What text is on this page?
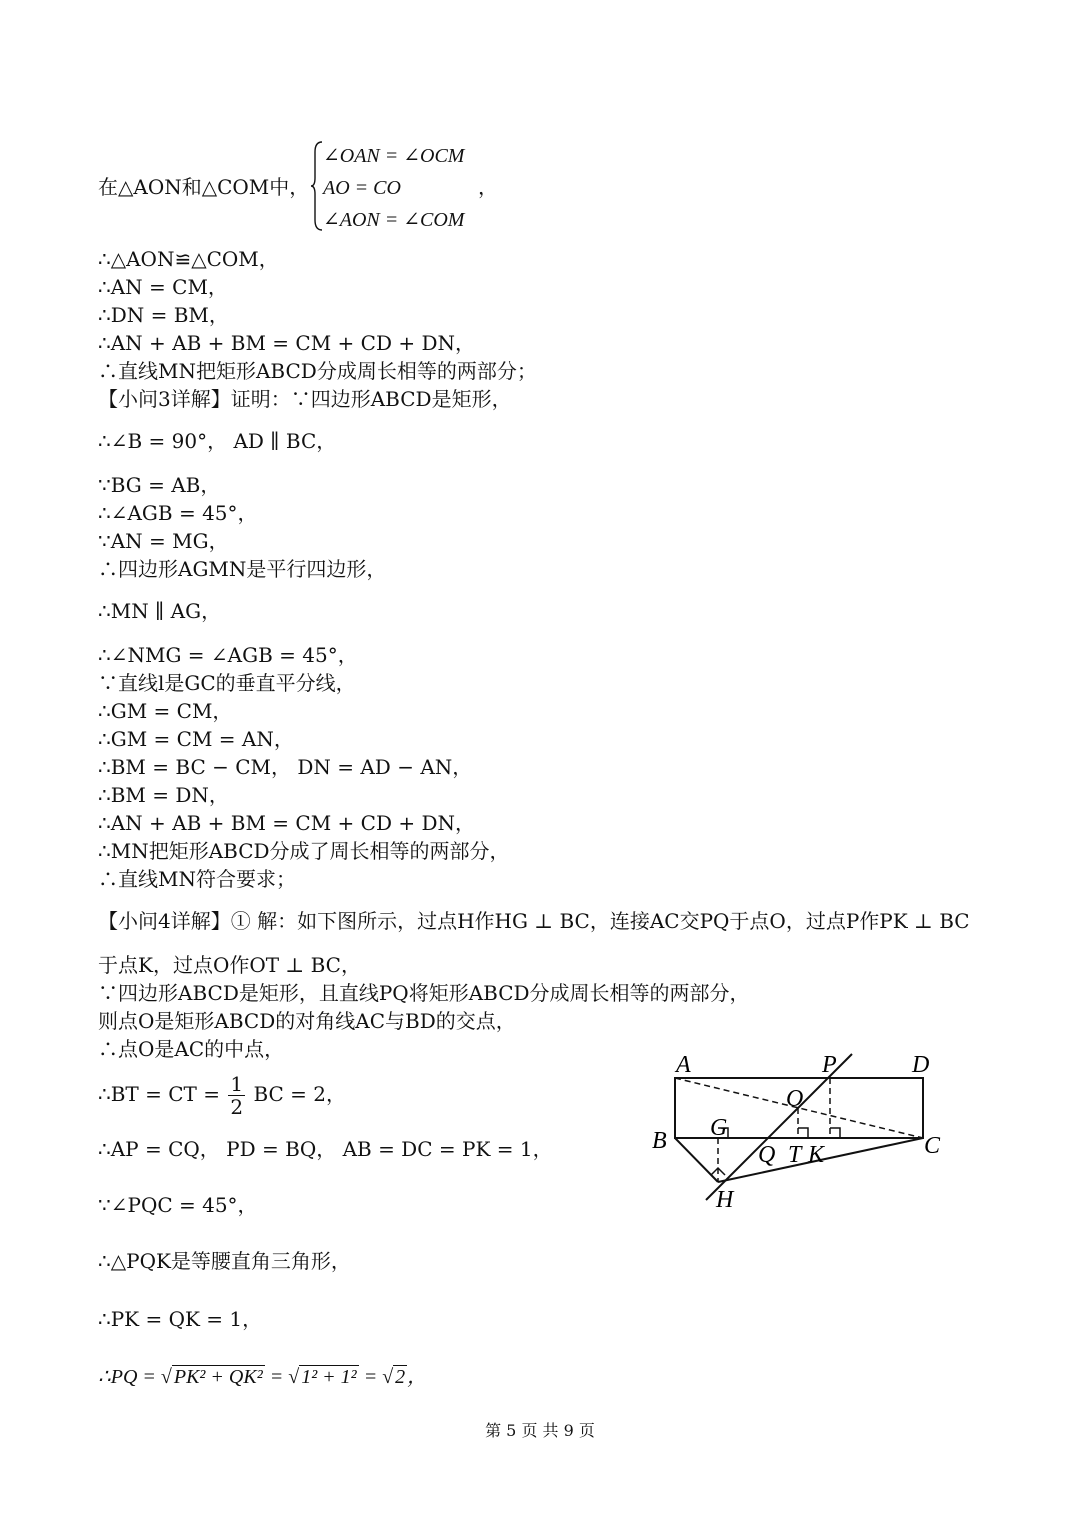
在△AON和△COM中，
∠OAN = ∠OCM
AO = CO
∠AON = ∠COM
，
∴△AON≌△COM，
∴AN = CM，
∴DN = BM，
∴AN + AB + BM = CM + CD + DN，
∴直线MN把矩形ABCD分成周长相等的两部分；
【小问3详解】证明：∵四边形ABCD是矩形，
∴∠B = 90°， AD ∥ BC，
∵BG = AB，
∴∠AGB = 45°，
∵AN = MG，
∴四边形AGMN是平行四边形，
∴MN ∥ AG，
∴∠NMG = ∠AGB = 45°，
∵直线l是GC的垂直平分线，
∴GM = CM，
∴GM = CM = AN，
∴BM = BC − CM， DN = AD − AN，
∴BM = DN，
∴AN + AB + BM = CM + CD + DN，
∴MN把矩形ABCD分成了周长相等的两部分，
∴直线MN符合要求；
【小问4详解】① 解：如下图所示，过点H作HG ⊥ BC，连接AC交PQ于点O，过点P作PK ⊥ BC
于点K，过点O作OT ⊥ BC，
∵四边形ABCD是矩形，且直线PQ将矩形ABCD分成周长相等的两部分，
则点O是矩形ABCD的对角线AC与BD的交点，
∴点O是AC的中点，
∴BT = CT = $\frac{1}{2}$ BC = 2，
∴AP = CQ， PD = BQ， AB = DC = PK = 1，
∵∠PQC = 45°，
∴△PQK是等腰直角三角形，
∴PK = QK = 1，
∴PQ = √ PK² + QK² = √ 1² + 1² = √ 2 ，
A	P	D
O
G
B
Q T K	C
H
第 5 页 共 9 页
